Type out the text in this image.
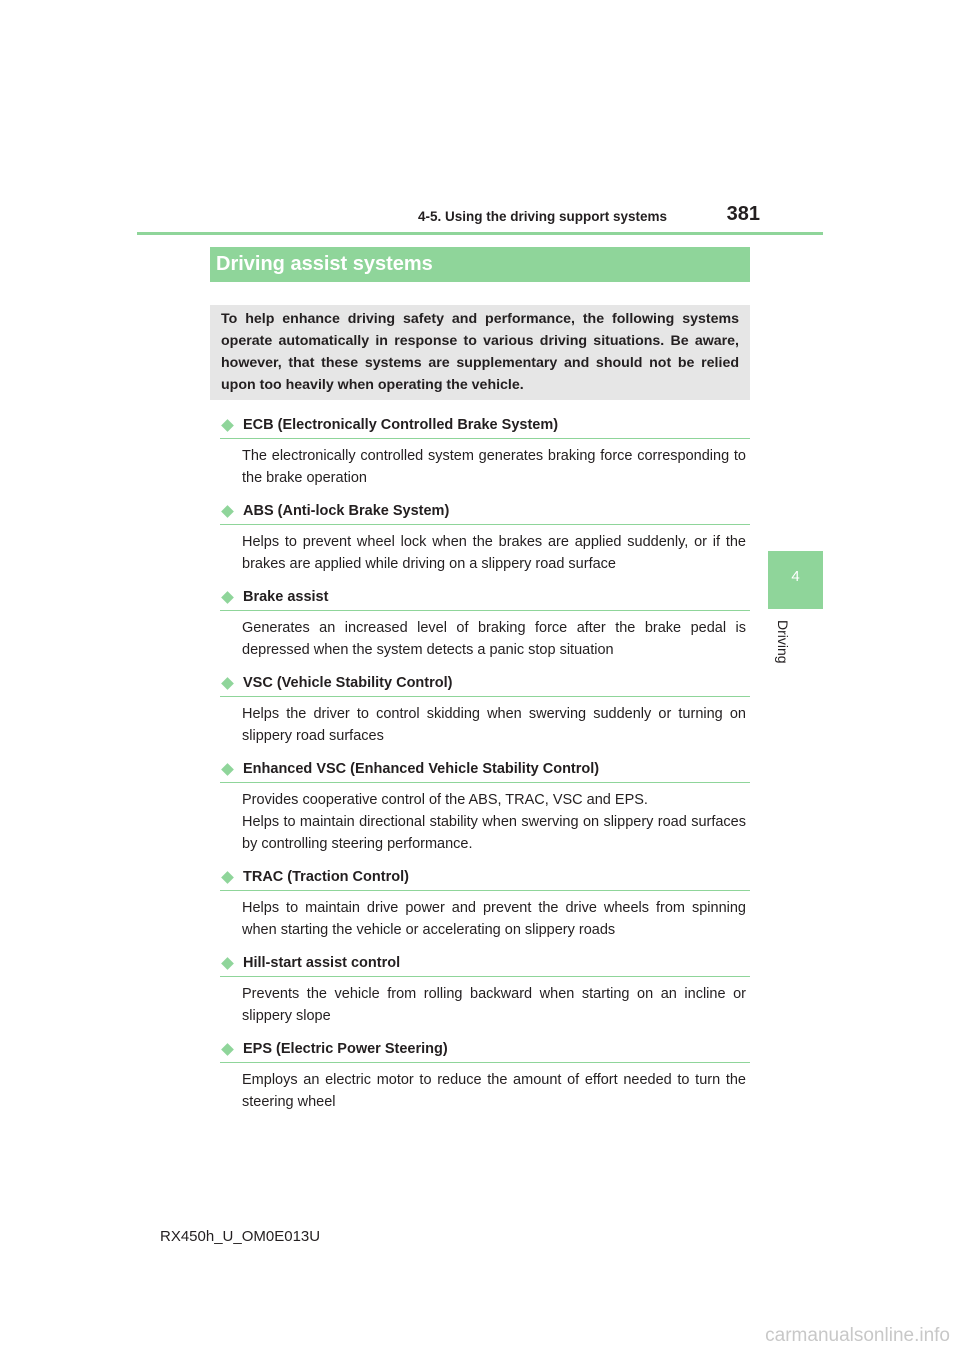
4-5. Using the driving support systems	381
4
Driving
Driving assist systems
To help enhance driving safety and performance, the following systems operate automatically in response to various driving situations. Be aware, however, that these systems are supplementary and should not be relied upon too heavily when operating the vehicle.
ECB (Electronically Controlled Brake System)
The electronically controlled system generates braking force corresponding to the brake operation
ABS (Anti-lock Brake System)
Helps to prevent wheel lock when the brakes are applied suddenly, or if the brakes are applied while driving on a slippery road surface
Brake assist
Generates an increased level of braking force after the brake pedal is depressed when the system detects a panic stop situation
VSC (Vehicle Stability Control)
Helps the driver to control skidding when swerving suddenly or turning on slippery road surfaces
Enhanced VSC (Enhanced Vehicle Stability Control)
Provides cooperative control of the ABS, TRAC, VSC and EPS.
Helps to maintain directional stability when swerving on slippery road surfaces by controlling steering performance.
TRAC (Traction Control)
Helps to maintain drive power and prevent the drive wheels from spinning when starting the vehicle or accelerating on slippery roads
Hill-start assist control
Prevents the vehicle from rolling backward when starting on an incline or slippery slope
EPS (Electric Power Steering)
Employs an electric motor to reduce the amount of effort needed to turn the steering wheel
RX450h_U_OM0E013U
carmanualsonline.info
